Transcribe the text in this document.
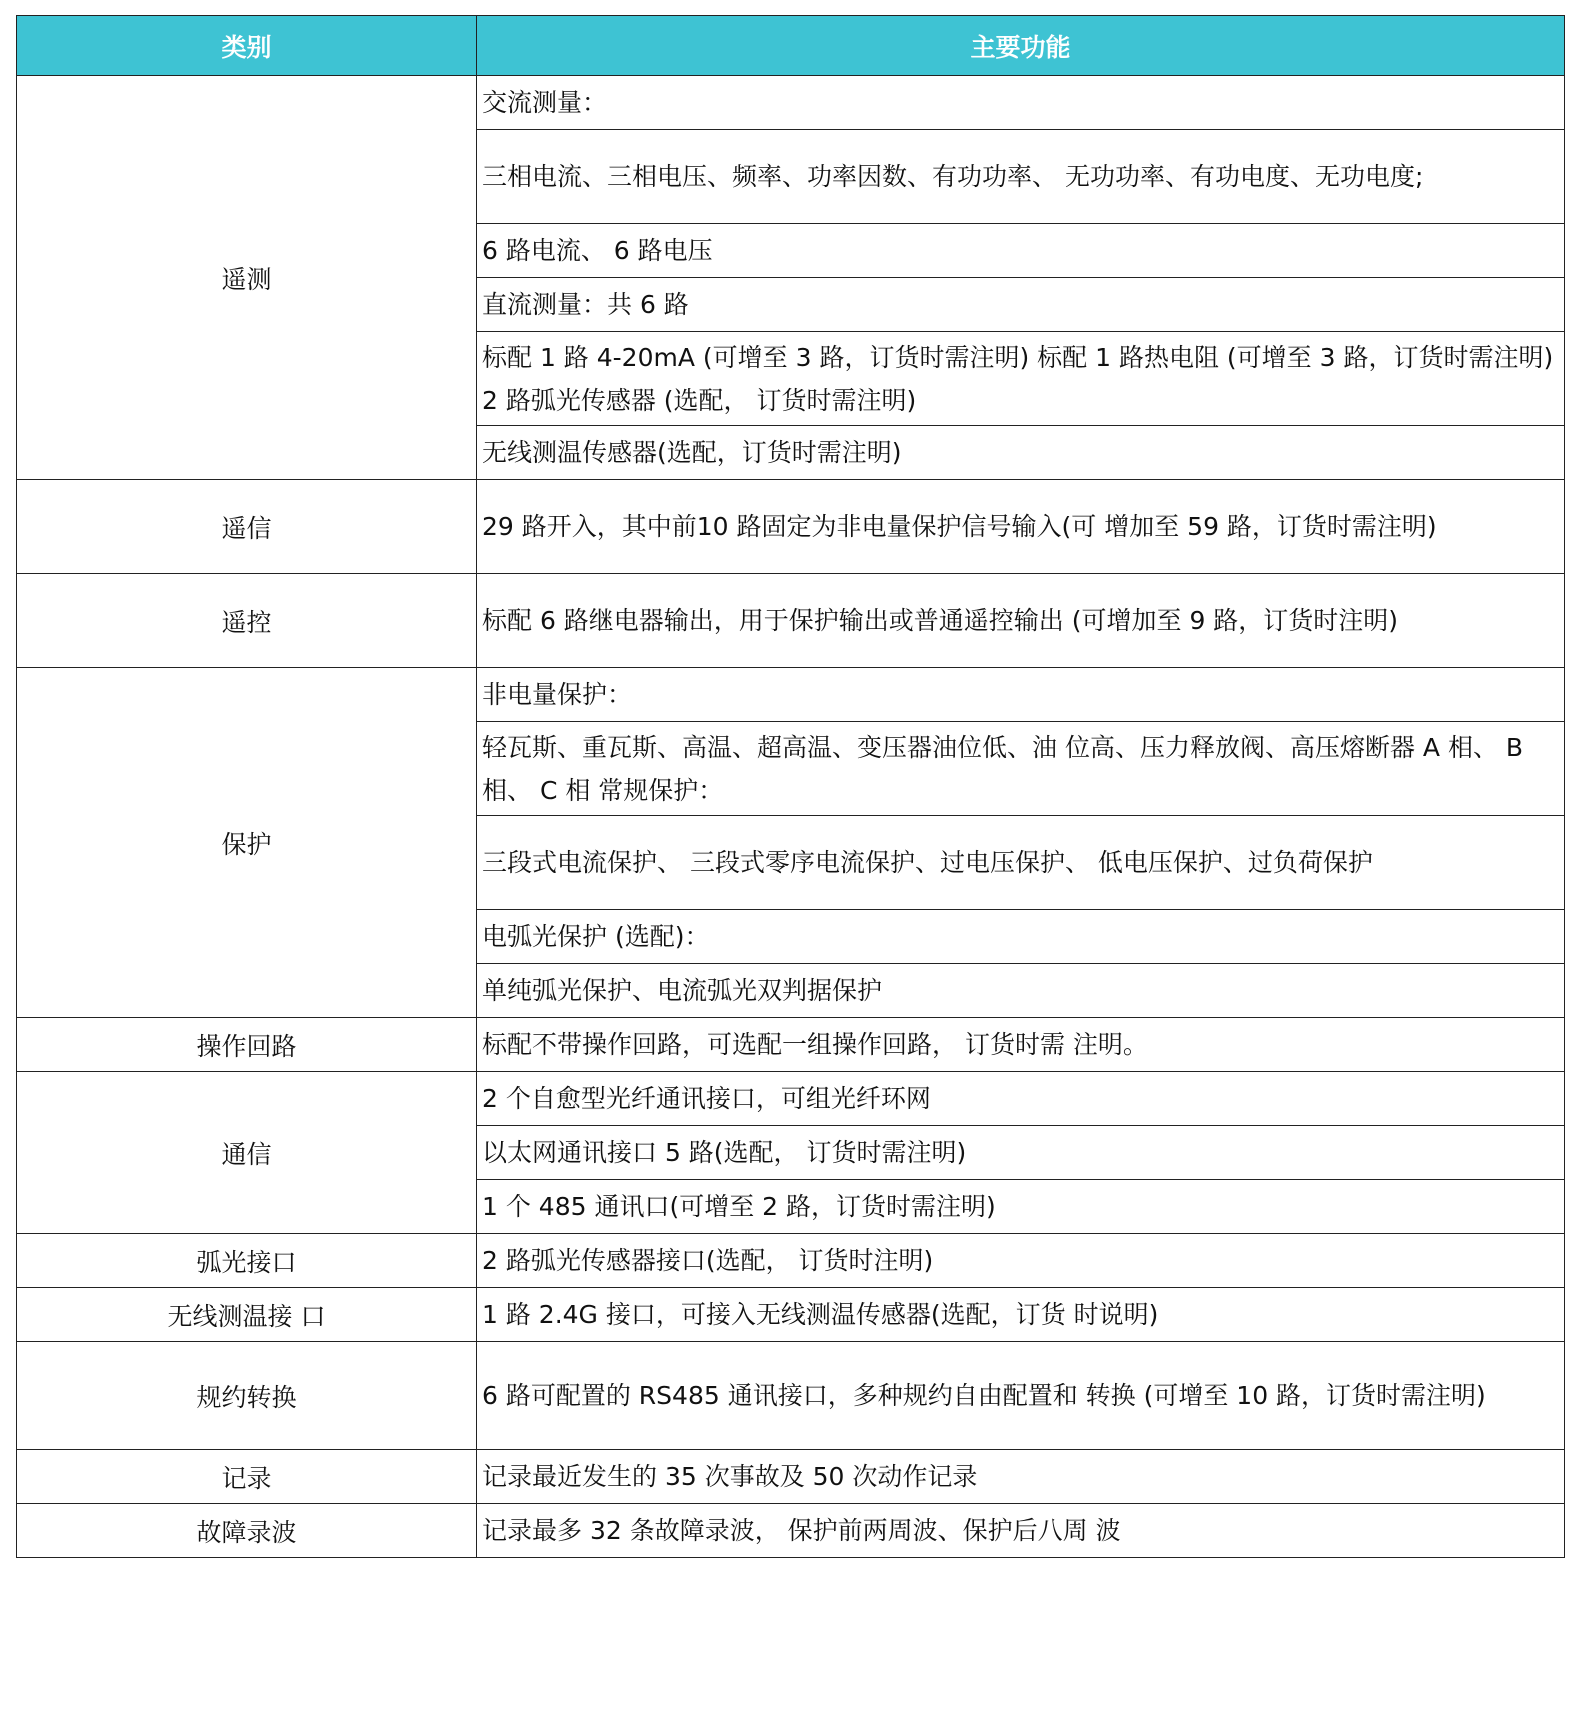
类别	主要功能
遥测	交流测量：
	三相电流、三相电压、频率、功率因数、有功功率、 无功功率、有功电度、无功电度;
	6 路电流、 6 路电压
	直流测量：共 6 路
	标配 1 路 4-20mA (可增至 3 路，订货时需注明) 标配 1 路热电阻 (可增至 3 路，订货时需注明) 2 路弧光传感器 (选配， 订货时需注明)
	无线测温传感器(选配，订货时需注明)
遥信	29 路开入，其中前10 路固定为非电量保护信号输入(可 增加至 59 路，订货时需注明)
遥控	标配 6 路继电器输出，用于保护输出或普通遥控输出 (可增加至 9 路，订货时注明)
保护	非电量保护：
	轻瓦斯、重瓦斯、高温、超高温、变压器油位低、油 位高、压力释放阀、高压熔断器 A 相、 B 相、 C 相 常规保护：
	三段式电流保护、 三段式零序电流保护、过电压保护、 低电压保护、过负荷保护
	电弧光保护 (选配)：
	单纯弧光保护、电流弧光双判据保护
操作回路	标配不带操作回路，可选配一组操作回路， 订货时需 注明。
通信	2 个自愈型光纤通讯接口，可组光纤环网
	以太网通讯接口 5 路(选配， 订货时需注明)
	1 个 485 通讯口(可增至 2 路，订货时需注明)
弧光接口	2 路弧光传感器接口(选配， 订货时注明)
无线测温接 口	1 路 2.4G 接口，可接入无线测温传感器(选配，订货 时说明)
规约转换	6 路可配置的 RS485 通讯接口，多种规约自由配置和 转换 (可增至 10 路，订货时需注明)
记录	记录最近发生的 35 次事故及 50 次动作记录
故障录波	记录最多 32 条故障录波， 保护前两周波、保护后八周 波
